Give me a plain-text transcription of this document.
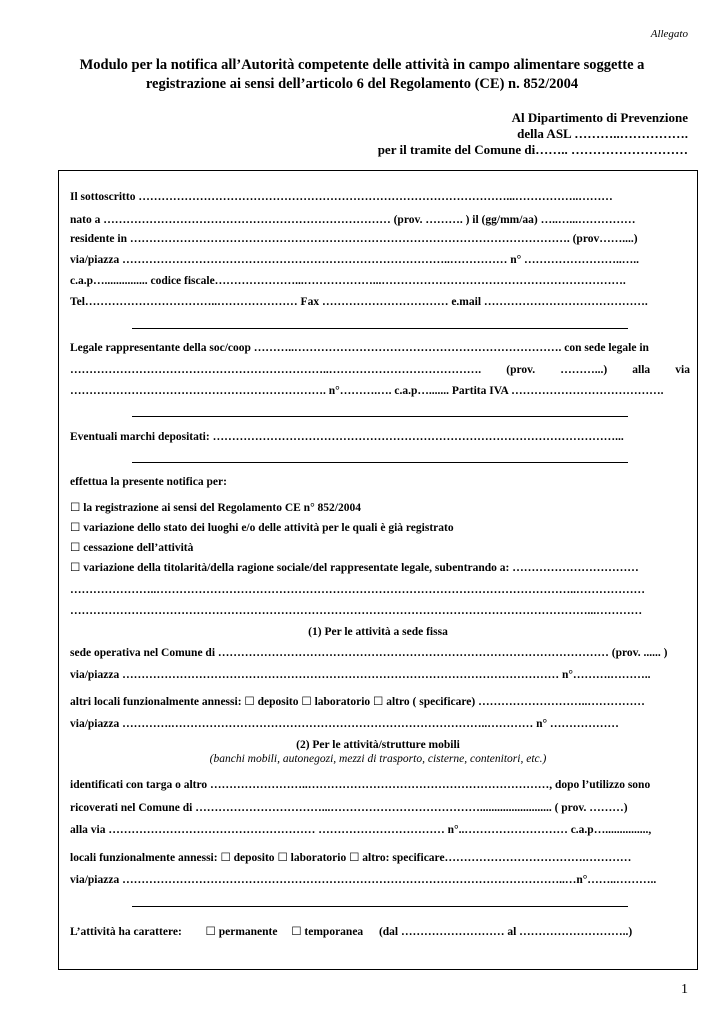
Allegato
Modulo per la notifica all’Autorità competente delle attività in campo alimentare soggette a
registrazione ai sensi dell’articolo 6 del Regolamento (CE) n. 852/2004
Al Dipartimento di Prevenzione
della ASL ………..…………….
per il tramite del Comune di…….. ………………………
Il sottoscritto ……………………………………………………………………………………...……………..………
nato a ………………………………………………………………… (prov. ………. ) il (gg/mm/aa) …..…...……………
residente in ……………………………………………………………………………………………………. (prov……....)
via/piazza …………………………………………………………………………..…………… n° ……………………..…..
c.a.p…............... codice fiscale…………………...………………...……………………………………………………….
Tel……………………………..………………… Fax …………………………… e.mail …………………………………….
Legale rappresentante della soc/coop ………..……………………………………………………………. con sede legale in
…………………………………………………………..…………………………………. (prov. ………...) alla via
…………………………………………………………. n°……….…. c.a.p…....... Partita IVA ………………………………….
Eventuali marchi depositati: ……………………………………………………………………………………………...
effettua la presente notifica per:
☐ la registrazione ai sensi del Regolamento CE n° 852/2004
☐ variazione dello stato dei luoghi e/o delle attività per le quali è già registrato
☐ cessazione dell’attività
☐ variazione della titolarità/della ragione sociale/del rappresentate legale, subentrando a: ……………………………
…………………..………………………………………………………………………………………………..………………
………………………………………………………………………………………………………………………...…………
(1) Per le attività a sede fissa
sede operativa nel Comune di ………………………………………………………………………………………… (prov. ...... )
via/piazza …………………………………………………………………………………………………… n°……….………..
altri locali funzionalmente annessi: ☐ deposito ☐ laboratorio ☐ altro ( specificare) ………………………..……………
via/piazza ………….………………………………………………………………………..………… n° ………………
(2) Per le attività/strutture mobili
(banchi mobili, autonegozi, mezzi di trasporto, cisterne, contenitori, etc.)
identificati con targa o altro ……………………..………………………………………………………, dopo l’utilizzo sono
ricoverati nel Comune di ……………………………...…………………………………......................... ( prov. ………)
alla via ……………………………………………… …………………………… n°..……………………… c.a.p…...............,
locali funzionalmente annessi: ☐ deposito ☐ laboratorio ☐ altro: specificare……………………………….…………
via/piazza ……………………………………………………………………………………………………..…n°……..………..
L’attività ha carattere: ☐ permanente ☐ temporanea (dal ……………………… al ………………………..)
1
